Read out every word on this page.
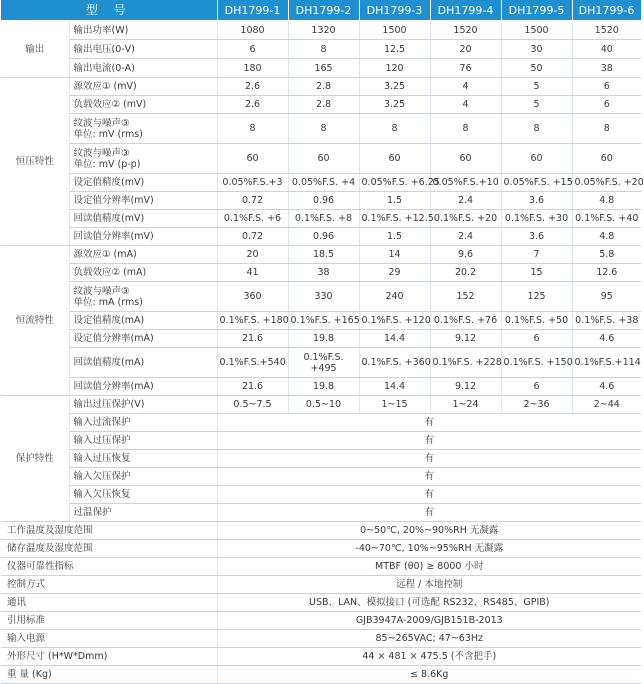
型 号		DH1799-1	DH1799-2	DH1799-3	DH1799-4	DH1799-5	DH1799-6
输出	输出功率(W)	1080	1320	1500	1520	1500	1520
	输出电压(0-V)	6	8	12.5	20	30	40
	输出电流(0-A)	180	165	120	76	50	38
恒压特性	源效应① (mV)	2.6	2.8	3.25	4	5	6
	负载效应② (mV)	2.6	2.8	3.25	4	5	6
	纹波与噪声③
单位: mV (rms)	8	8	8	8	8	8
	纹波与噪声③
单位: mV (p-p)	60	60	60	60	60	60
	设定值精度(mV)	0.05%F.S.+3	0.05%F.S. +4	0.05%F.S. +6.25	0.05%F.S.+10	0.05%F.S. +15	0.05%F.S. +20
	设定值分辨率(mV)	0.72	0.96	1.5	2.4	3.6	4.8
	回读值精度(mV)	0.1%F.S. +6	0.1%F.S. +8	0.1%F.S. +12.5	0.1%F.S. +20	0.1%F.S. +30	0.1%F.S. +40
	回读值分辨率(mV)	0.72	0.96	1.5	2.4	3.6	4.8
恒流特性	源效应① (mA)	20	18.5	14	9.6	7	5.8
	负载效应② (mA)	41	38	29	20.2	15	12.6
	纹波与噪声③
单位: mA (rms)	360	330	240	152	125	95
	设定值精度(mA)	0.1%F.S. +180	0.1%F.S. +165	0.1%F.S. +120	0.1%F.S. +76	0.1%F.S. +50	0.1%F.S. +38
	设定值分辨率(mA)	21.6	19.8	14.4	9.12	6	4.6
	回读值精度(mA)	0.1%F.S.+540	0.1%F.S.
+495	0.1%F.S. +360	0.1%F.S. +228	0.1%F.S. +150	0.1%F.S.+114
	回读值分辨率(mA)	21.6	19.8	14.4	9.12	6	4.6
保护特性	输出过压保护(V)	0.5~7.5	0.5~10	1~15	1~24	2~36	2~44
	输入过流保护	有					
	输入过压保护	有					
	输入过压恢复	有					
	输入欠压保护	有					
	输入欠压恢复	有					
	过温保护	有					
工作温度及湿度范围		0~50℃, 20%~90%RH 无凝露					
储存温度及湿度范围		-40~70℃, 10%~95%RH 无凝露					
仪器可靠性指标		MTBF (θ0) ≥ 8000 小时					
控制方式		远程 / 本地控制					
通讯		USB、LAN、模拟接口 (可选配 RS232、RS485、GPIB)					
引用标准		GJB3947A-2009/GJB151B-2013					
输入电源		85~265VAC; 47~63Hz					
外形尺寸 (H*W*Dmm)		44 × 481 × 475.5 (不含把手)					
重 量 (Kg)		≤ 8.6Kg					
